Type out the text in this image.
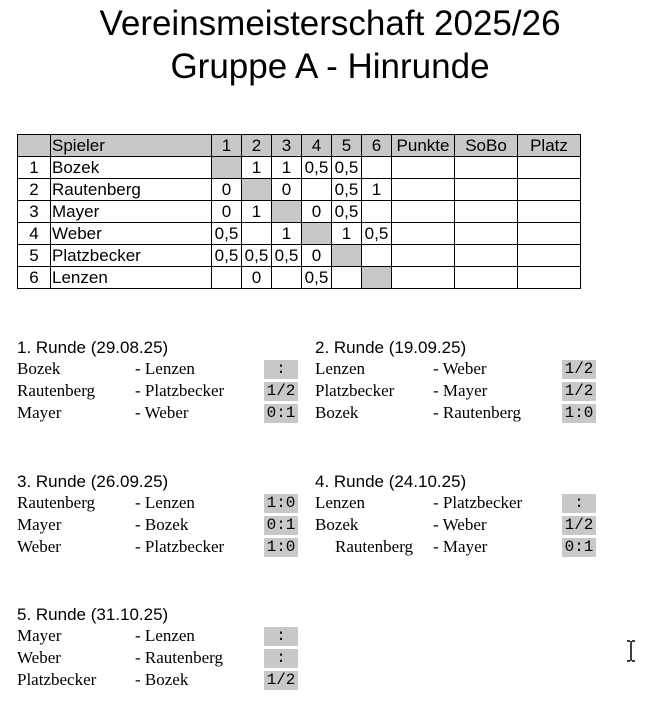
Vereinsmeisterschaft 2025/26
Gruppe A - Hinrunde
	Spieler	1	2	3	4	5	6	Punkte	SoBo	Platz
1	Bozek		1	1	0,5	0,5				
2	Rautenberg	0		0		0,5	1			
3	Mayer	0	1		0	0,5				
4	Weber	0,5		1		1	0,5			
5	Platzbecker	0,5	0,5	0,5	0					
6	Lenzen		0		0,5					
1. Runde (29.08.25)
Bozek	- Lenzen	:
Rautenberg - Platzbecker	1/2
Mayer	- Weber	0:1
2. Runde (19.09.25)
Lenzen	- Weber	1/2
Platzbecker - Mayer	1/2
Bozek	- Rautenberg	1:0
3. Runde (26.09.25)
Rautenberg - Lenzen	1:0
Mayer	- Bozek	0:1
Weber	- Platzbecker	1:0
4. Runde (24.10.25)
Lenzen	- Platzbecker	:
Bozek	- Weber	1/2
Rautenberg - Mayer	0:1
5. Runde (31.10.25)
Mayer	- Lenzen	:
Weber	- Rautenberg	:
Platzbecker - Bozek	1/2
